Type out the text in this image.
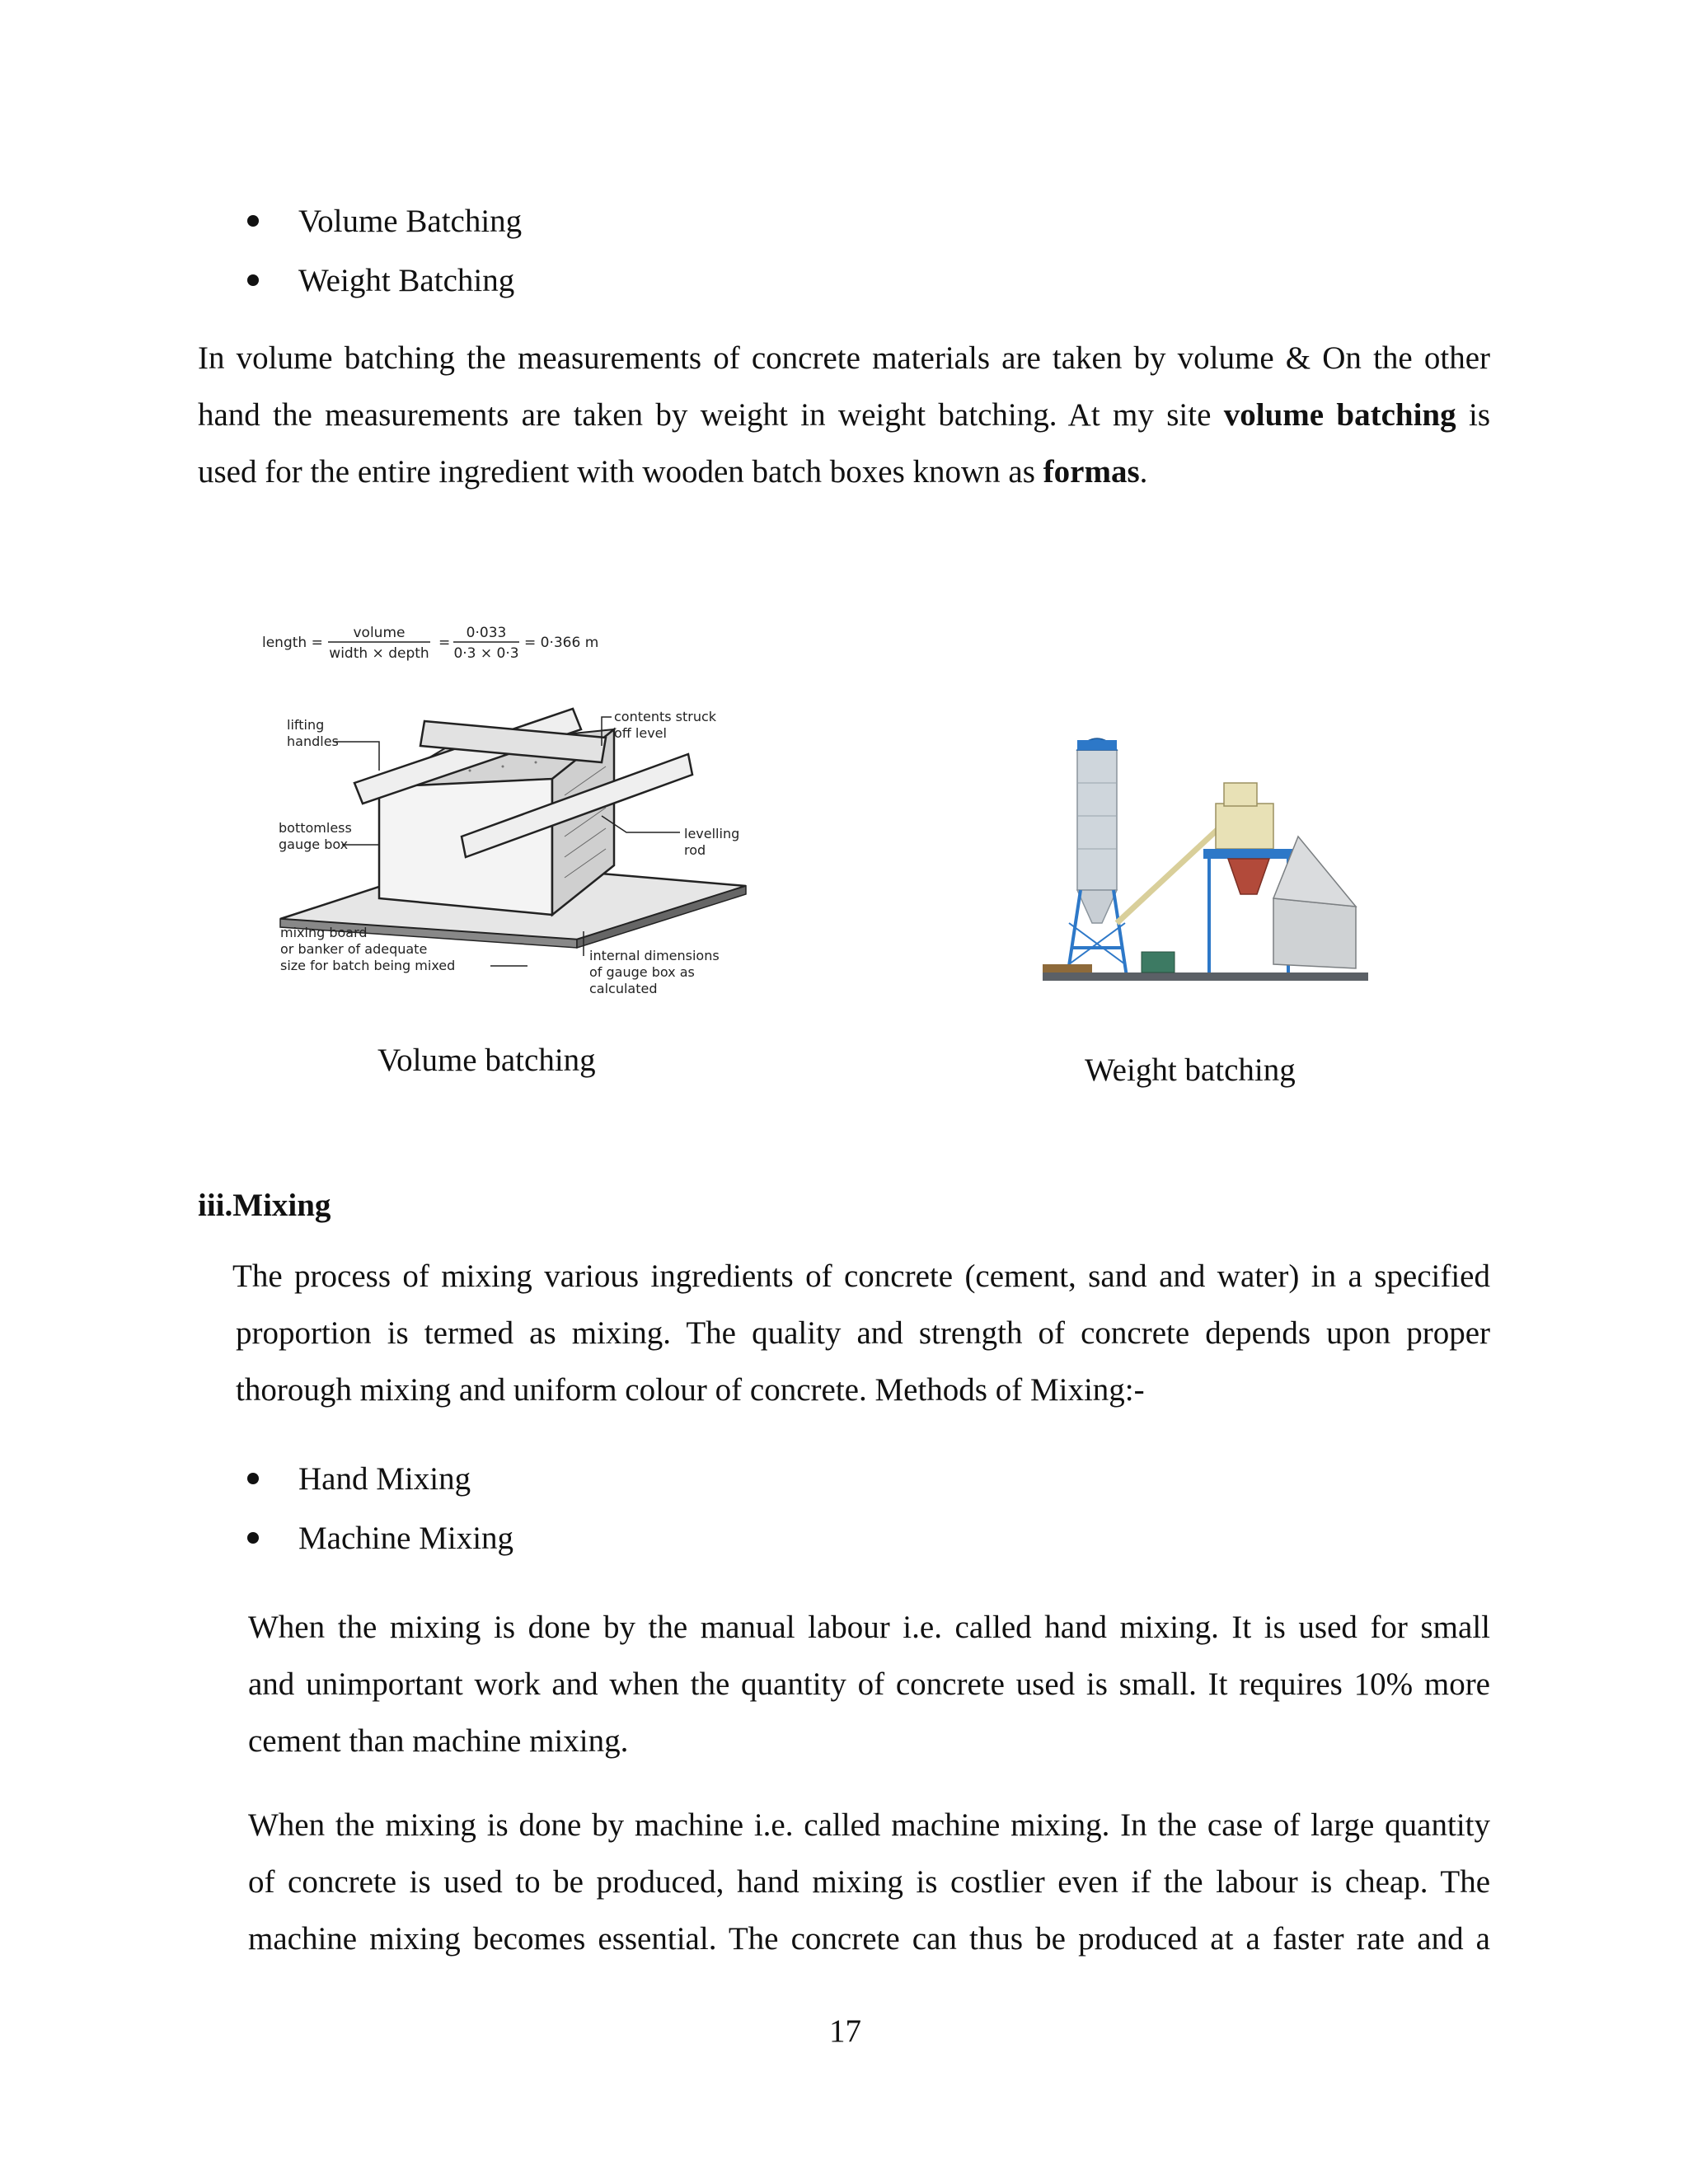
Volume Batching
Weight Batching
In volume batching the measurements of concrete materials are taken by volume & On the other
hand the measurements are taken by weight in weight batching. At my site volume batching is
used for the entire ingredient with wooden batch boxes known as formas.
length =
volume
width × depth
=
0·033
0·3 × 0·3
= 0·366 m
lifting
handles
contents struck
off level
bottomless
gauge box
levelling
rod
mixing board
or banker of adequate
size for batch being mixed
internal dimensions
of gauge box as
calculated
Volume batching	Weight batching
iii.Mixing
The process of mixing various ingredients of concrete (cement, sand and water) in a specified
proportion is termed as mixing. The quality and strength of concrete depends upon proper
thorough mixing and uniform colour of concrete. Methods of Mixing:-
Hand Mixing
Machine Mixing
When the mixing is done by the manual labour i.e. called hand mixing. It is used for small
and unimportant work and when the quantity of concrete used is small. It requires 10% more
cement than machine mixing.
When the mixing is done by machine i.e. called machine mixing. In the case of large quantity
of concrete is used to be produced, hand mixing is costlier even if the labour is cheap. The
machine mixing becomes essential. The concrete can thus be produced at a faster rate and a
17
